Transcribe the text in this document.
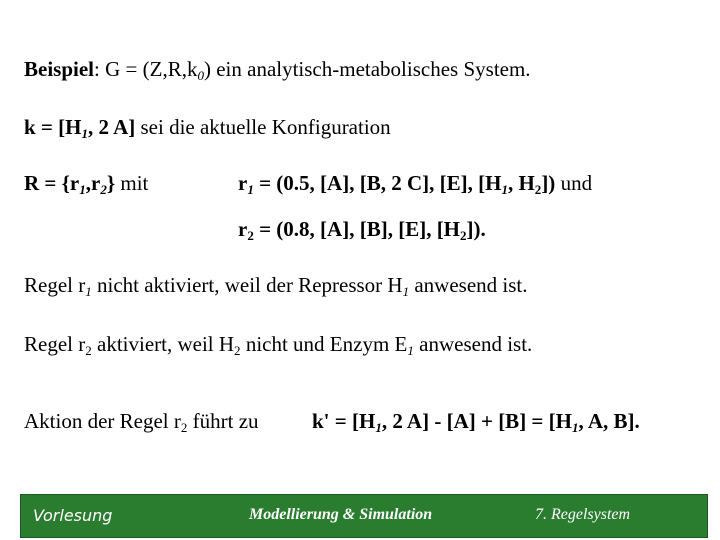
Beispiel: $G = (Z,R,k_0)$ ein analytisch-metabolisches System.
$k = [H_1$, 2 A] sei die aktuelle Konfiguration
$R = \{r_1,r_2\}$ mit	$r_1 = (0.5$, [A], [B, 2 C], [E], [$H_1$, $H_2$]) und
$r_2 = (0.8$, [A], [B], [E], $[H_2]$).
Regel $r_1$ nicht aktiviert, weil der Repressor $H_1$ anwesend ist.
Regel $r_2$ aktiviert, weil $H_2$ nicht und Enzym $E_1$ anwesend ist.
Aktion der Regel $r_2$ führt zu	$k' = [H_1$, 2 $A] - [A] + [B] = [H_1$, A, B].
Vorlesung	Modellierung & Simulation	7. Regelsystem
